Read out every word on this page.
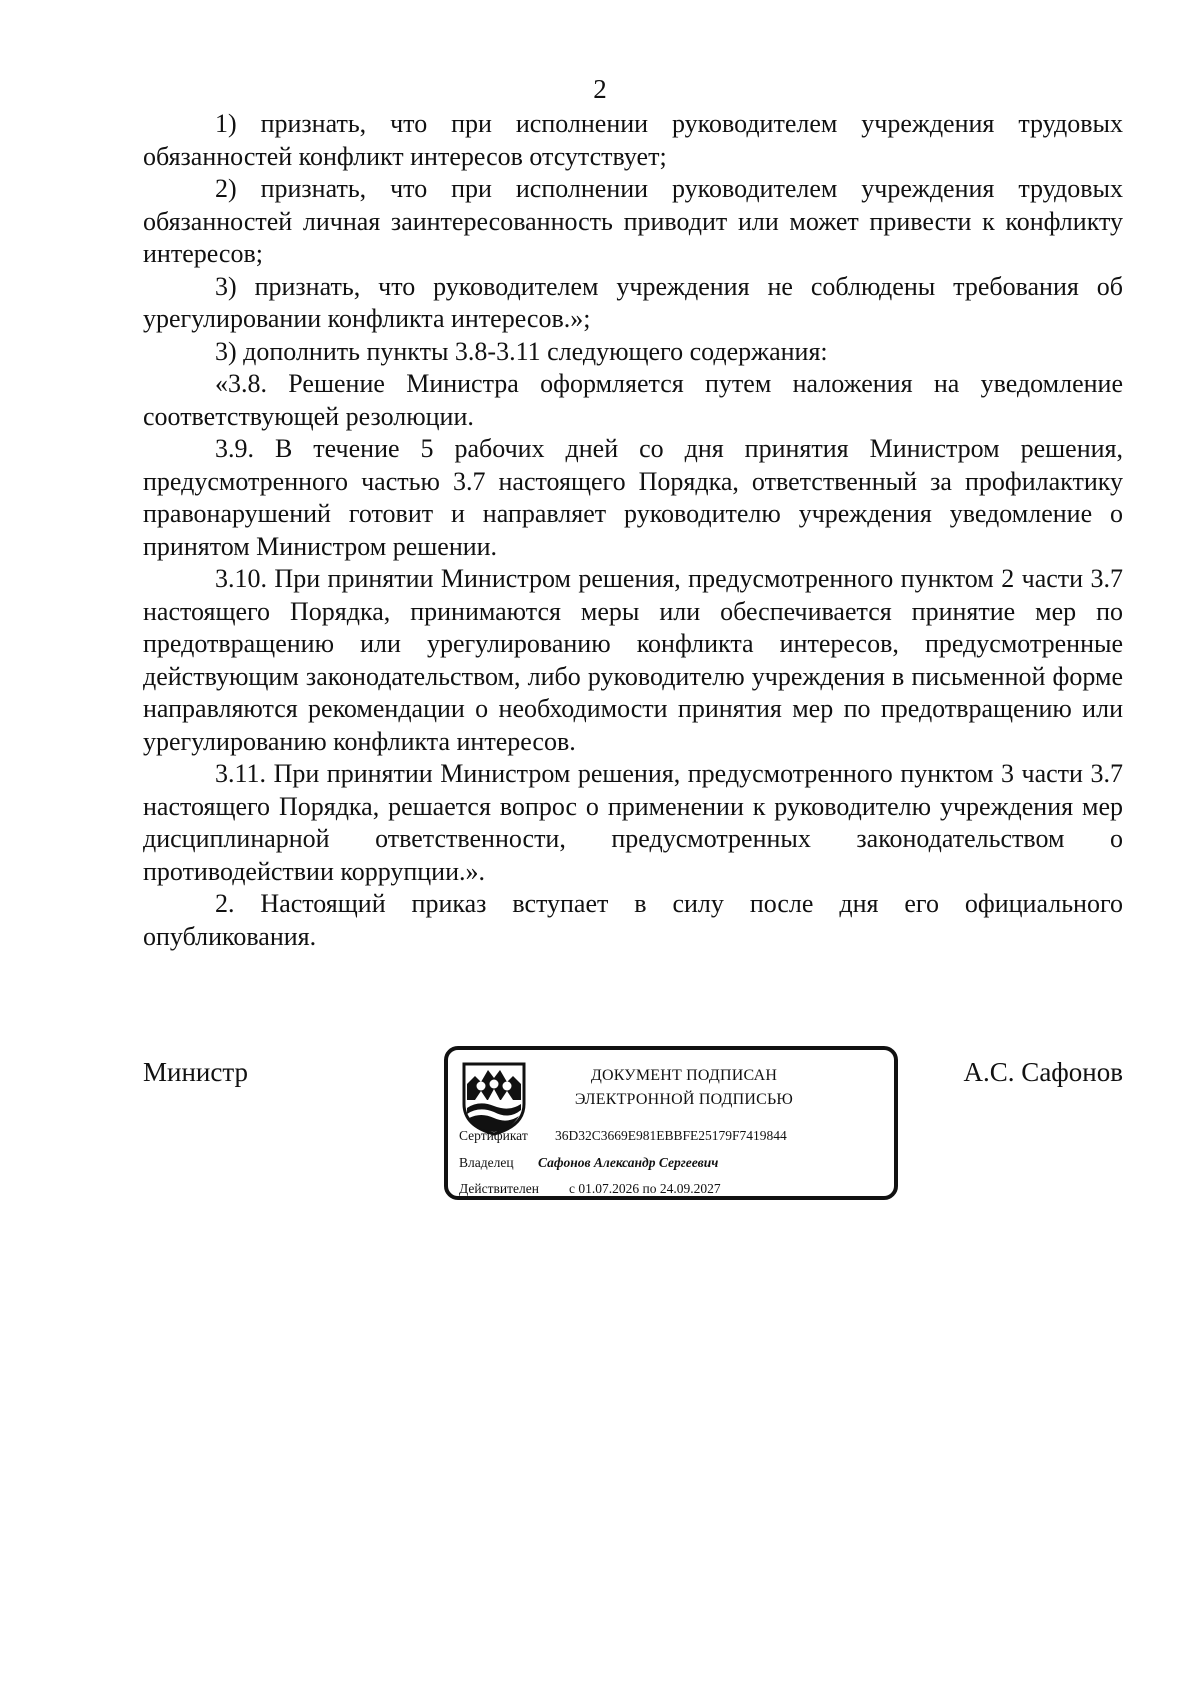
2

1) признать, что при исполнении руководителем учреждения трудовых обязанностей конфликт интересов отсутствует;

2) признать, что при исполнении руководителем учреждения трудовых обязанностей личная заинтересованность приводит или может привести к конфликту интересов;

3) признать, что руководителем учреждения не соблюдены требования об урегулировании конфликта интересов.»;

3) дополнить пункты 3.8-3.11 следующего содержания:

«3.8. Решение Министра оформляется путем наложения на уведомление соответствующей резолюции.

3.9. В течение 5 рабочих дней со дня принятия Министром решения, предусмотренного частью 3.7 настоящего Порядка, ответственный за профилактику правонарушений готовит и направляет руководителю учреждения уведомление о принятом Министром решении.

3.10. При принятии Министром решения, предусмотренного пунктом 2 части 3.7 настоящего Порядка, принимаются меры или обеспечивается принятие мер по предотвращению или урегулированию конфликта интересов, предусмотренные действующим законодательством, либо руководителю учреждения в письменной форме направляются рекомендации о необходимости принятия мер по предотвращению или урегулированию конфликта интересов.

3.11. При принятии Министром решения, предусмотренного пунктом 3 части 3.7 настоящего Порядка, решается вопрос о применении к руководителю учреждения мер дисциплинарной ответственности, предусмотренных законодательством о противодействии коррупции.».

2. Настоящий приказ вступает в силу после дня его официального опубликования.

Министр	ДОКУМЕНТ ПОДПИСАН
ЭЛЕКТРОННОЙ ПОДПИСЬЮ
Сертификат 36D32C3669E981EBBFE25179F7419844
Владелец Сафонов Александр Сергеевич
Действителен с 01.07.2026 по 24.09.2027
А.С. Сафонов
